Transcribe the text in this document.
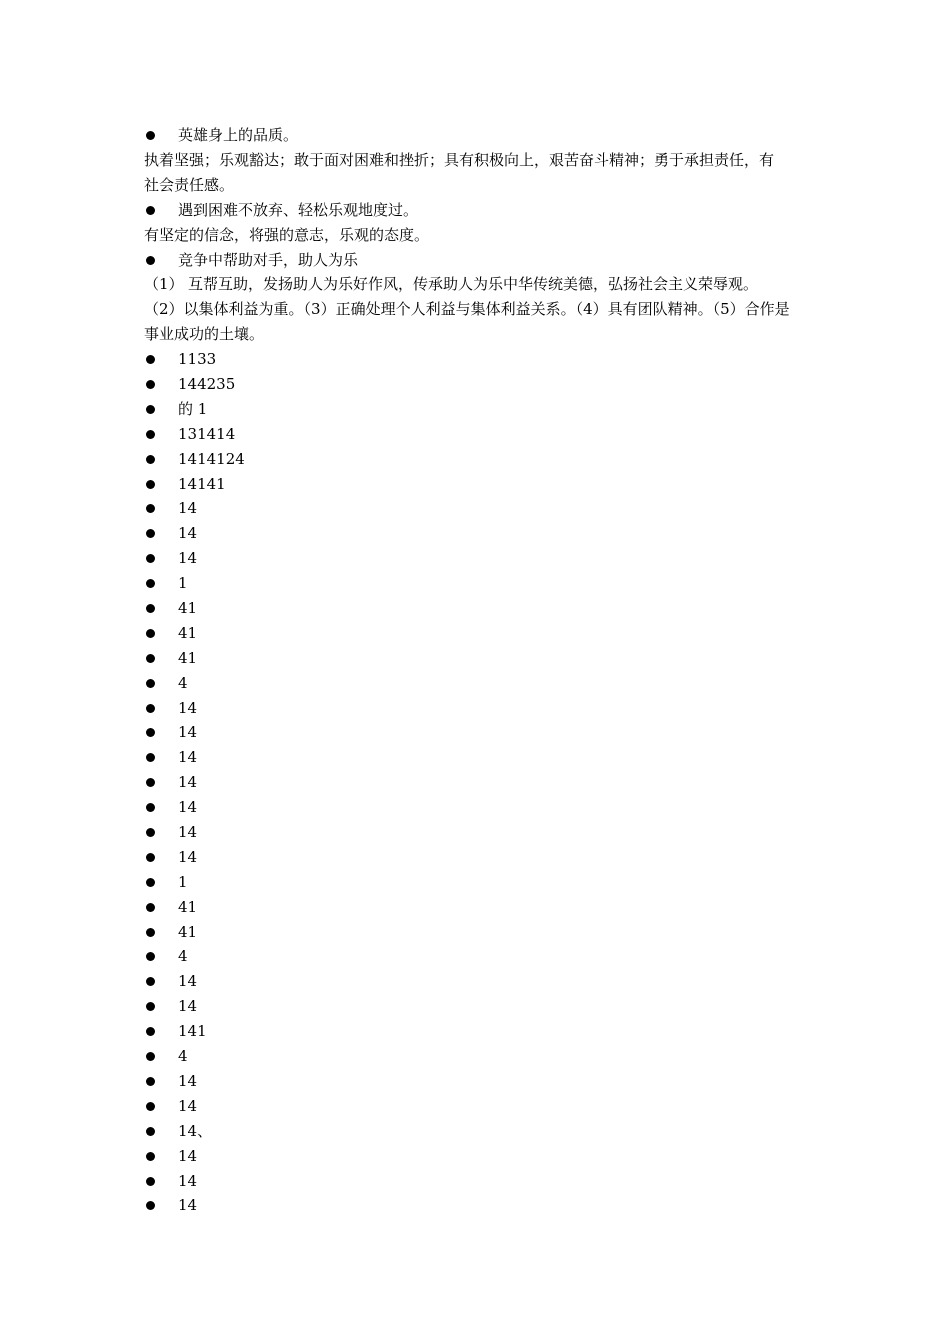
英雄身上的品质。
执着坚强；乐观豁达；敢于面对困难和挫折；具有积极向上，艰苦奋斗精神；勇于承担责任，有
社会责任感。
遇到困难不放弃、轻松乐观地度过。
有坚定的信念，将强的意志，乐观的态度。
竞争中帮助对手，助人为乐
（1） 互帮互助，发扬助人为乐好作风，传承助人为乐中华传统美德，弘扬社会主义荣辱观。
（2）以集体利益为重。（3）正确处理个人利益与集体利益关系。（4）具有团队精神。（5）合作是
事业成功的土壤。
1133
144235
的 1
131414
1414124
14141
14
14
14
1
41
41
41
4
14
14
14
14
14
14
14
1
41
41
4
14
14
141
4
14
14
14、
14
14
14
